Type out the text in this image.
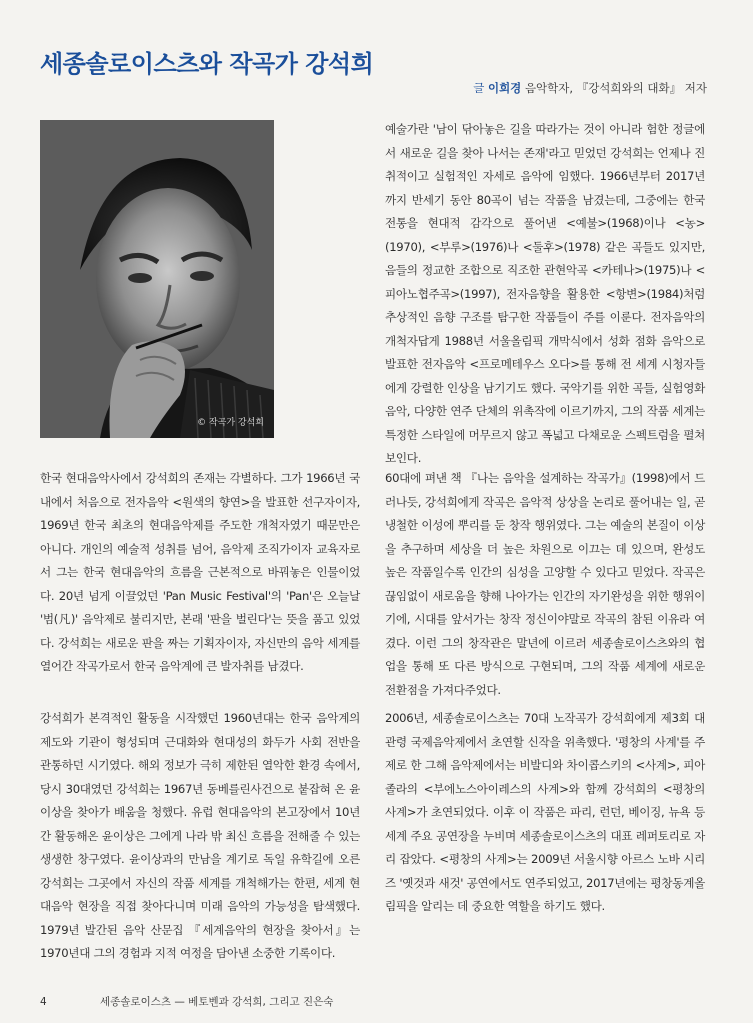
세종솔로이스츠와 작곡가 강석희
글 이희경 음악학자, 『강석희와의 대화』 저자
© 작곡가 강석희

예술가란 '남이 닦아놓은 길을 따라가는 것이 아니라 험한 정글에서 새로운 길을 찾아 나서는 존재'라고 믿었던 강석희는 언제나 진취적이고 실험적인 자세로 음악에 임했다. 1966년부터 2017년까지 반세기 동안 80곡이 넘는 작품을 남겼는데, 그중에는 한국 전통을 현대적 감각으로 풀어낸 <예불>(1968)이나 <농>(1970), <부루>(1976)나 <둘후>(1978) 같은 곡들도 있지만, 음들의 정교한 조합으로 직조한 관현악곡 <카테나>(1975)나 <피아노협주곡>(1997), 전자음향을 활용한 <항변>(1984)처럼 추상적인 음향 구조를 탐구한 작품들이 주를 이룬다. 전자음악의 개척자답게 1988년 서울올림픽 개막식에서 성화 점화 음악으로 발표한 전자음악 <프로메테우스 오다>를 통해 전 세계 시청자들에게 강렬한 인상을 남기기도 했다. 국악기를 위한 곡들, 실험영화 음악, 다양한 연주 단체의 위촉작에 이르기까지, 그의 작품 세계는 특정한 스타일에 머무르지 않고 폭넓고 다채로운 스펙트럼을 펼쳐 보인다.

한국 현대음악사에서 강석희의 존재는 각별하다. 그가 1966년 국내에서 처음으로 전자음악 <원색의 향연>을 발표한 선구자이자, 1969년 한국 최초의 현대음악제를 주도한 개척자였기 때문만은 아니다. 개인의 예술적 성취를 넘어, 음악제 조직가이자 교육자로서 그는 한국 현대음악의 흐름을 근본적으로 바꿔놓은 인물이었다. 20년 넘게 이끌었던 'Pan Music Festival'의 'Pan'은 오늘날 '범(凡)' 음악제로 불리지만, 본래 '판을 벌린다'는 뜻을 품고 있었다. 강석희는 새로운 판을 짜는 기획자이자, 자신만의 음악 세계를 열어간 작곡가로서 한국 음악계에 큰 발자취를 남겼다.

60대에 펴낸 책 『나는 음악을 설계하는 작곡가』(1998)에서 드러나듯, 강석희에게 작곡은 음악적 상상을 논리로 풀어내는 일, 곧 냉철한 이성에 뿌리를 둔 창작 행위였다. 그는 예술의 본질이 이상을 추구하며 세상을 더 높은 차원으로 이끄는 데 있으며, 완성도 높은 작품일수록 인간의 심성을 고양할 수 있다고 믿었다. 작곡은 끊임없이 새로움을 향해 나아가는 인간의 자기완성을 위한 행위이기에, 시대를 앞서가는 창작 정신이야말로 작곡의 참된 이유라 여겼다. 이런 그의 창작관은 말년에 이르러 세종솔로이스츠와의 협업을 통해 또 다른 방식으로 구현되며, 그의 작품 세계에 새로운 전환점을 가져다주었다.

강석희가 본격적인 활동을 시작했던 1960년대는 한국 음악계의 제도와 기관이 형성되며 근대화와 현대성의 화두가 사회 전반을 관통하던 시기였다. 해외 정보가 극히 제한된 열악한 환경 속에서, 당시 30대였던 강석희는 1967년 동베를린사건으로 붙잡혀 온 윤이상을 찾아가 배움을 청했다. 유럽 현대음악의 본고장에서 10년간 활동해온 윤이상은 그에게 나라 밖 최신 흐름을 전해줄 수 있는 생생한 창구였다. 윤이상과의 만남을 계기로 독일 유학길에 오른 강석희는 그곳에서 자신의 작품 세계를 개척해가는 한편, 세계 현대음악 현장을 직접 찾아다니며 미래 음악의 가능성을 탐색했다. 1979년 발간된 음악 산문집 『세계음악의 현장을 찾아서』는 1970년대 그의 경험과 지적 여정을 담아낸 소중한 기록이다.

2006년, 세종솔로이스츠는 70대 노작곡가 강석희에게 제3회 대관령 국제음악제에서 초연할 신작을 위촉했다. '평창의 사계'를 주제로 한 그해 음악제에서는 비발디와 차이콥스키의 <사계>, 피아졸라의 <부에노스아이레스의 사계>와 함께 강석희의 <평창의 사계>가 초연되었다. 이후 이 작품은 파리, 런던, 베이징, 뉴욕 등 세계 주요 공연장을 누비며 세종솔로이스츠의 대표 레퍼토리로 자리 잡았다. <평창의 사계>는 2009년 서울시향 아르스 노바 시리즈 '옛것과 새것' 공연에서도 연주되었고, 2017년에는 평창동계올림픽을 알리는 데 중요한 역할을 하기도 했다.

4	세종솔로이스츠 — 베토벤과 강석희, 그리고 진은숙
